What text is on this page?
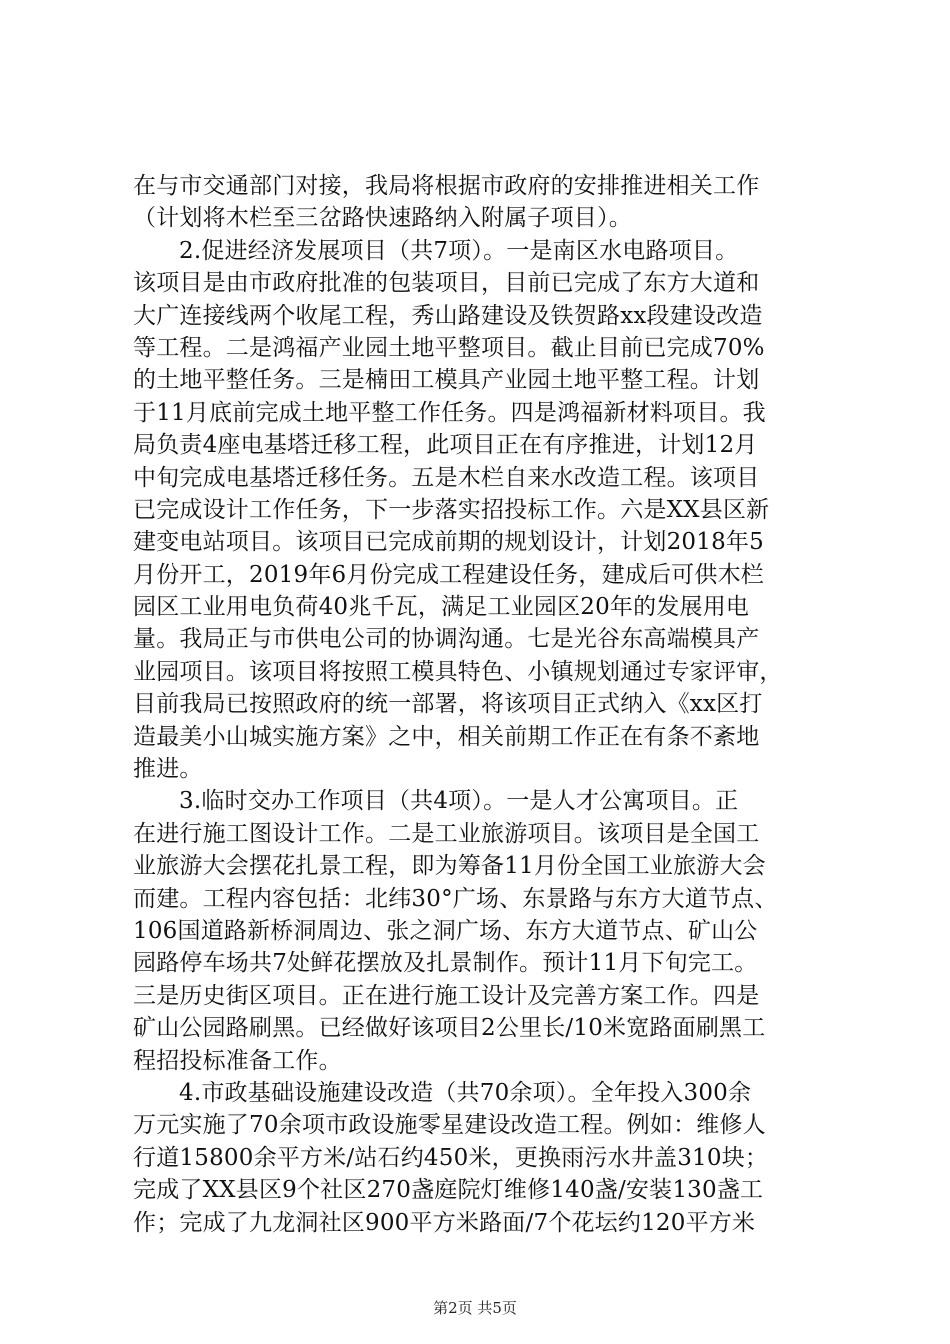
在与市交通部门对接，我局将根据市政府的安排推进相关工作
（计划将木栏至三岔路快速路纳入附属子项目）。
2.促进经济发展项目（共7项）。一是南区水电路项目。
该项目是由市政府批准的包装项目，目前已完成了东方大道和
大广连接线两个收尾工程，秀山路建设及铁贺路xx段建设改造
等工程。二是鸿福产业园土地平整项目。截止目前已完成70%
的土地平整任务。三是楠田工模具产业园土地平整工程。计划
于11月底前完成土地平整工作任务。四是鸿福新材料项目。我
局负责4座电基塔迁移工程，此项目正在有序推进，计划12月
中旬完成电基塔迁移任务。五是木栏自来水改造工程。该项目
已完成设计工作任务，下一步落实招投标工作。六是XX县区新
建变电站项目。该项目已完成前期的规划设计，计划2018年5
月份开工，2019年6月份完成工程建设任务，建成后可供木栏
园区工业用电负荷40兆千瓦，满足工业园区20年的发展用电
量。我局正与市供电公司的协调沟通。七是光谷东高端模具产
业园项目。该项目将按照工模具特色、小镇规划通过专家评审，
目前我局已按照政府的统一部署，将该项目正式纳入《xx区打
造最美小山城实施方案》之中，相关前期工作正在有条不紊地
推进。
3.临时交办工作项目（共4项）。一是人才公寓项目。正
在进行施工图设计工作。二是工业旅游项目。该项目是全国工
业旅游大会摆花扎景工程，即为筹备11月份全国工业旅游大会
而建。工程内容包括：北纬30°广场、东景路与东方大道节点、
106国道路新桥洞周边、张之洞广场、东方大道节点、矿山公
园路停车场共7处鲜花摆放及扎景制作。预计11月下旬完工。
三是历史街区项目。正在进行施工设计及完善方案工作。四是
矿山公园路刷黑。已经做好该项目2公里长/10米宽路面刷黑工
程招投标准备工作。
4.市政基础设施建设改造（共70余项）。全年投入300余
万元实施了70余项市政设施零星建设改造工程。例如：维修人
行道15800余平方米/站石约450米，更换雨污水井盖310块；
完成了XX县区9个社区270盏庭院灯维修140盏/安装130盏工
作；完成了九龙洞社区900平方米路面/7个花坛约120平方米
第2页 共5页
